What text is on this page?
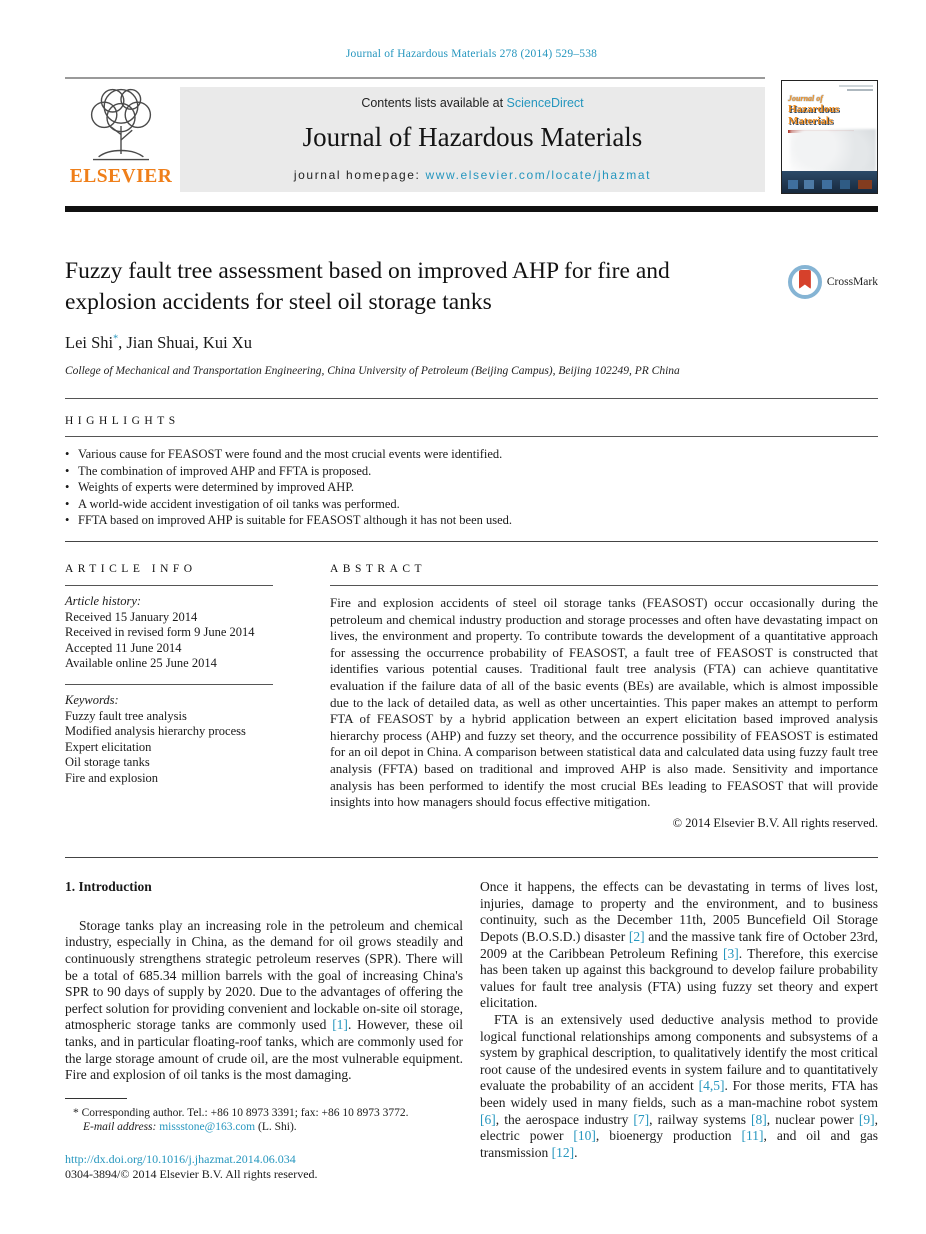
Journal of Hazardous Materials 278 (2014) 529–538
ELSEVIER
Contents lists available at ScienceDirect
Journal of Hazardous Materials
journal homepage: www.elsevier.com/locate/jhazmat
Journal of
Hazardous
Materials
Fuzzy fault tree assessment based on improved AHP for fire and explosion accidents for steel oil storage tanks
CrossMark
Lei Shi*, Jian Shuai, Kui Xu
College of Mechanical and Transportation Engineering, China University of Petroleum (Beijing Campus), Beijing 102249, PR China
HIGHLIGHTS
• Various cause for FEASOST were found and the most crucial events were identified.
• The combination of improved AHP and FFTA is proposed.
• Weights of experts were determined by improved AHP.
• A world-wide accident investigation of oil tanks was performed.
• FFTA based on improved AHP is suitable for FEASOST although it has not been used.
ARTICLE INFO
Article history:
Received 15 January 2014
Received in revised form 9 June 2014
Accepted 11 June 2014
Available online 25 June 2014
Keywords:
Fuzzy fault tree analysis
Modified analysis hierarchy process
Expert elicitation
Oil storage tanks
Fire and explosion
ABSTRACT
Fire and explosion accidents of steel oil storage tanks (FEASOST) occur occasionally during the petroleum and chemical industry production and storage processes and often have devastating impact on lives, the environment and property. To contribute towards the development of a quantitative approach for assessing the occurrence probability of FEASOST, a fault tree of FEASOST is constructed that identifies various potential causes. Traditional fault tree analysis (FTA) can achieve quantitative evaluation if the failure data of all of the basic events (BEs) are available, which is almost impossible due to the lack of detailed data, as well as other uncertainties. This paper makes an attempt to perform FTA of FEASOST by a hybrid application between an expert elicitation based improved analysis hierarchy process (AHP) and fuzzy set theory, and the occurrence possibility of FEASOST is estimated for an oil depot in China. A comparison between statistical data and calculated data using fuzzy fault tree analysis (FFTA) based on traditional and improved AHP is also made. Sensitivity and importance analysis has been performed to identify the most crucial BEs leading to FEASOST that will provide insights into how managers should focus effective mitigation.
© 2014 Elsevier B.V. All rights reserved.
1. Introduction

Storage tanks play an increasing role in the petroleum and chemical industry, especially in China, as the demand for oil grows steadily and continuously strengthens strategic petroleum reserves (SPR). There will be a total of 685.34 million barrels with the goal of increasing China's SPR to 90 days of supply by 2020. Due to the advantages of offering the perfect solution for providing convenient and lockable on-site oil storage, atmospheric storage tanks are commonly used [1]. However, these oil tanks, and in particular floating-roof tanks, which are commonly used for the large storage amount of crude oil, are the most vulnerable equipment. Fire and explosion of oil tanks is the most damaging.

* Corresponding author. Tel.: +86 10 8973 3391; fax: +86 10 8973 3772.
E-mail address: missstone@163.com (L. Shi).
http://dx.doi.org/10.1016/j.jhazmat.2014.06.034
0304-3894/© 2014 Elsevier B.V. All rights reserved.

Once it happens, the effects can be devastating in terms of lives lost, injuries, damage to property and the environment, and to business continuity, such as the December 11th, 2005 Buncefield Oil Storage Depots (B.O.S.D.) disaster [2] and the massive tank fire of October 23rd, 2009 at the Caribbean Petroleum Refining [3]. Therefore, this exercise has been taken up against this background to develop failure probability values for fault tree analysis (FTA) using fuzzy set theory and expert elicitation.

FTA is an extensively used deductive analysis method to provide logical functional relationships among components and subsystems of a system by graphical description, to qualitatively identify the most critical root cause of the undesired events in system failure and to quantitatively evaluate the probability of an accident [4,5]. For those merits, FTA has been widely used in many fields, such as a man-machine robot system [6], the aerospace industry [7], railway systems [8], nuclear power [9], electric power [10], bioenergy production [11], and oil and gas transmission [12].
